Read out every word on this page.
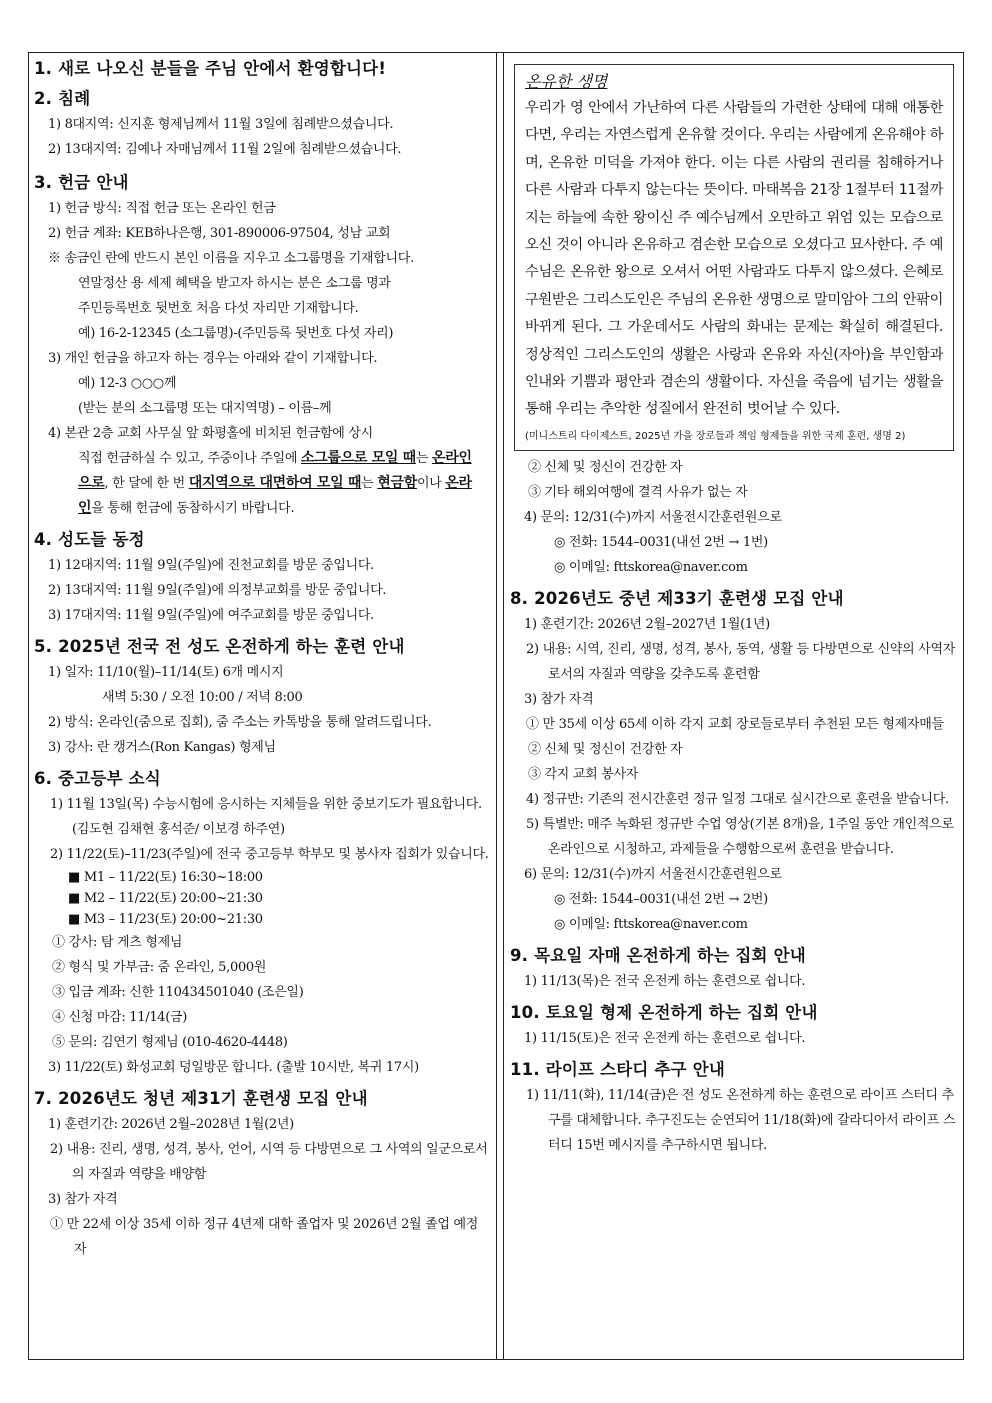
1. 새로 나오신 분들을 주님 안에서 환영합니다!
2. 침례
1) 8대지역: 신지훈 형제님께서 11월 3일에 침례받으셨습니다.
2) 13대지역: 김예나 자매님께서 11월 2일에 침례받으셨습니다.
3. 헌금 안내
1) 헌금 방식: 직접 헌금 또는 온라인 헌금
2) 헌금 계좌: KEB하나은행, 301-890006-97504, 성남 교회
※ 송금인 란에 반드시 본인 이름을 지우고 소그룹명을 기재합니다.
연말정산 용 세제 혜택을 받고자 하시는 분은 소그룹 명과
주민등록번호 뒷번호 처음 다섯 자리만 기재합니다.
예) 16-2-12345 (소그룹명)-(주민등록 뒷번호 다섯 자리)
3) 개인 헌금을 하고자 하는 경우는 아래와 같이 기재합니다.
예) 12-3 ○○○께
(받는 분의 소그룹명 또는 대지역명) – 이름–께
4) 본관 2층 교회 사무실 앞 화평홀에 비치된 헌금함에 상시
직접 헌금하실 수 있고, 주중이나 주일에 소그룹으로 모일 때는 온라인으로, 한 달에 한 번 대지역으로 대면하여 모일 때는 현금함이나 온라인을 통해 헌금에 동참하시기 바랍니다.
4. 성도들 동정
1) 12대지역: 11월 9일(주일)에 진천교회를 방문 중입니다.
2) 13대지역: 11월 9일(주일)에 의정부교회를 방문 중입니다.
3) 17대지역: 11월 9일(주일)에 여주교회를 방문 중입니다.
5. 2025년 전국 전 성도 온전하게 하는 훈련 안내
1) 일자: 11/10(월)–11/14(토) 6개 메시지
새벽 5:30 / 오전 10:00 / 저녁 8:00
2) 방식: 온라인(줌으로 집회), 줌 주소는 카톡방을 통해 알려드립니다.
3) 강사: 란 캥거스(Ron Kangas) 형제님
6. 중고등부 소식
1) 11월 13일(목) 수능시험에 응시하는 지체들을 위한 중보기도가 필요합니다. (김도현 김채현 홍석준/ 이보경 하주연)
2) 11/22(토)–11/23(주일)에 전국 중고등부 학부모 및 봉사자 집회가 있습니다.
■ M1 – 11/22(토) 16:30~18:00
■ M2 – 11/22(토) 20:00~21:30
■ M3 – 11/23(토) 20:00~21:30
① 강사: 탐 게츠 형제님
② 형식 및 가부금: 줌 온라인, 5,000원
③ 입금 계좌: 신한 110434501040 (조은일)
④ 신청 마감: 11/14(금)
⑤ 문의: 김연기 형제님 (010-4620-4448)
3) 11/22(토) 화성교회 덩일방문 합니다. (출발 10시반, 복귀 17시)
7. 2026년도 청년 제31기 훈련생 모집 안내
1) 훈련기간: 2026년 2월–2028년 1월(2년)
2) 내용: 진리, 생명, 성격, 봉사, 언어, 시역 등 다방면으로 그 사역의 일군으로서의 자질과 역량을 배양함
3) 참가 자격
① 만 22세 이상 35세 이하 정규 4년제 대학 졸업자 및 2026년 2월 졸업 예정자
온유한 생명
우리가 영 안에서 가난하여 다른 사람들의 가련한 상태에 대해 애통한다면, 우리는 자연스럽게 온유할 것이다. 우리는 사람에게 온유해야 하며, 온유한 미덕을 가져야 한다. 이는 다른 사람의 권리를 침해하거나 다른 사람과 다투지 않는다는 뜻이다. 마태복음 21장 1절부터 11절까지는 하늘에 속한 왕이신 주 예수님께서 오만하고 위엄 있는 모습으로 오신 것이 아니라 온유하고 겸손한 모습으로 오셨다고 묘사한다. 주 예수님은 온유한 왕으로 오셔서 어떤 사람과도 다투지 않으셨다. 은혜로 구원받은 그리스도인은 주님의 온유한 생명으로 말미암아 그의 안팎이 바뀌게 된다. 그 가운데서도 사람의 화내는 문제는 확실히 해결된다. 정상적인 그리스도인의 생활은 사랑과 온유와 자신(자아)을 부인함과 인내와 기쁨과 평안과 겸손의 생활이다. 자신을 죽음에 넘기는 생활을 통해 우리는 추악한 성질에서 완전히 벗어날 수 있다.
(미니스트리 다이제스트, 2025년 가을 장로들과 책임 형제들을 위한 국제 훈련, 생명 2)
② 신체 및 정신이 건강한 자
③ 기타 해외여행에 결격 사유가 없는 자
4) 문의: 12/31(수)까지 서울전시간훈련원으로
◎ 전화: 1544–0031(내선 2번 → 1번)
◎ 이메일: fttskorea@naver.com
8. 2026년도 중년 제33기 훈련생 모집 안내
1) 훈련기간: 2026년 2월–2027년 1월(1년)
2) 내용: 시역, 진리, 생명, 성격, 봉사, 동역, 생활 등 다방면으로 신약의 사역자로서의 자질과 역량을 갖추도록 훈련함
3) 참가 자격
① 만 35세 이상 65세 이하 각지 교회 장로들로부터 추천된 모든 형제자매들
② 신체 및 정신이 건강한 자
③ 각지 교회 봉사자
4) 정규반: 기존의 전시간훈련 정규 일정 그대로 실시간으로 훈련을 받습니다.
5) 특별반: 매주 녹화된 정규반 수업 영상(기본 8개)을, 1주일 동안 개인적으로 온라인으로 시청하고, 과제들을 수행함으로써 훈련을 받습니다.
6) 문의: 12/31(수)까지 서울전시간훈련원으로
◎ 전화: 1544–0031(내선 2번 → 2번)
◎ 이메일: fttskorea@naver.com
9. 목요일 자매 온전하게 하는 집회 안내
1) 11/13(목)은 전국 온전케 하는 훈련으로 쉽니다.
10. 토요일 형제 온전하게 하는 집회 안내
1) 11/15(토)은 전국 온전케 하는 훈련으로 쉽니다.
11. 라이프 스타디 추구 안내
1) 11/11(화), 11/14(금)은 전 성도 온전하게 하는 훈련으로 라이프 스터디 추구를 대체합니다. 추구진도는 순연되어 11/18(화)에 갈라디아서 라이프 스터디 15번 메시지를 추구하시면 됩니다.
